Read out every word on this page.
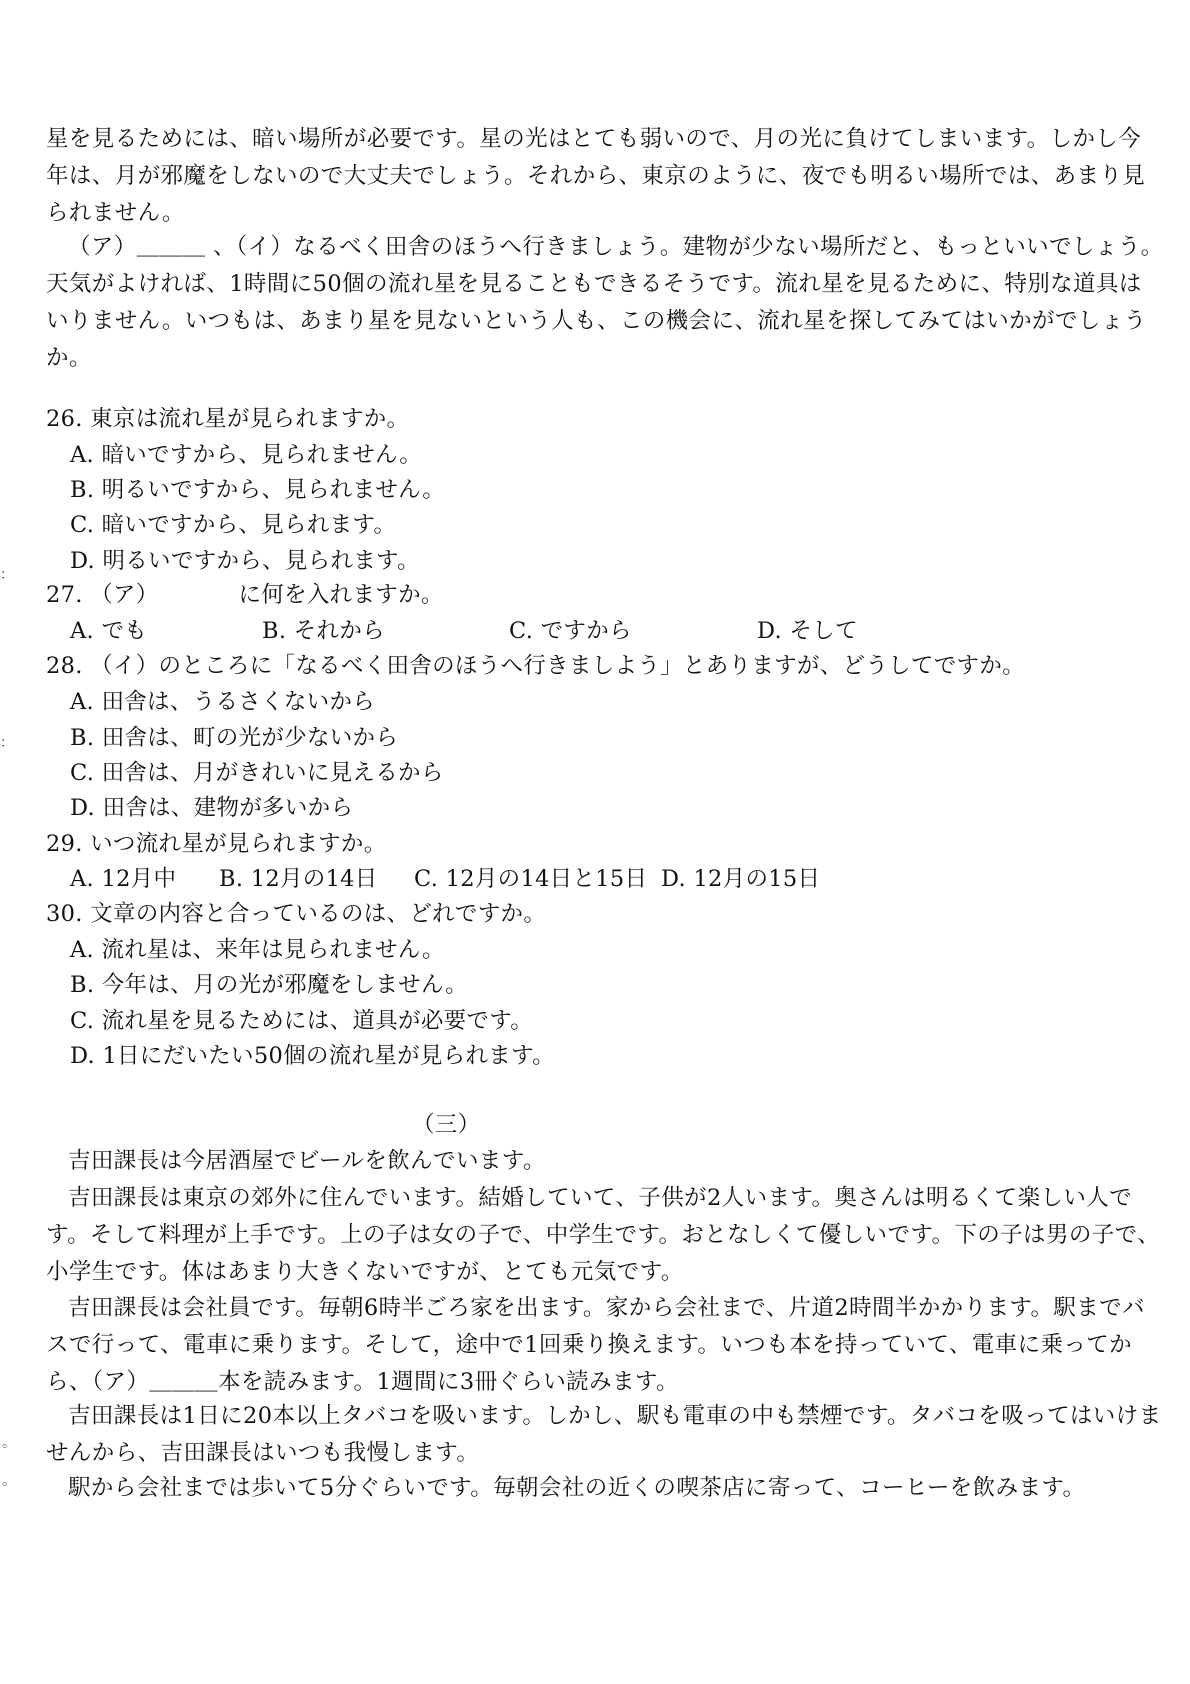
星を見るためには、暗い場所が必要です。星の光はとても弱いので、月の光に負けてしまいます。しかし今年は、月が邪魔をしないので大丈夫でしょう。それから、東京のように、夜でも明るい場所では、あまり見られません。

（ア）＿＿＿ 、（イ）なるべく田舎のほうへ行きましょう。建物が少ない場所だと、もっといいでしょう。天気がよければ、1時間に50個の流れ星を見ることもできるそうです。流れ星を見るために、特別な道具はいりません。いつもは、あまり星を見ないという人も、この機会に、流れ星を探してみてはいかがでしょうか。

26. 東京は流れ星が見られますか。
A. 暗いですから、見られません。
B. 明るいですから、見られません。
C. 暗いですから、見られます。
D. 明るいですから、見られます。
27. （ア）　　　　に何を入れますか。
A. でも	B. それから	C. ですから	D. そして
28. （イ）のところに「なるべく田舎のほうへ行きましよう」とありますが、どうしてですか。
A. 田舎は、うるさくないから
B. 田舎は、町の光が少ないから
C. 田舎は、月がきれいに見えるから
D. 田舎は、建物が多いから
29. いつ流れ星が見られますか。
A. 12月中 B. 12月の14日 C. 12月の14日と15日 D. 12月の15日
30. 文章の内容と合っているのは、どれですか。
A. 流れ星は、来年は見られません。
B. 今年は、月の光が邪魔をしません。
C. 流れ星を見るためには、道具が必要です。
D. 1日にだいたい50個の流れ星が見られます。
（三）

吉田課長は今居酒屋でビールを飲んでいます。

吉田課長は東京の郊外に住んでいます。結婚していて、子供が2人います。奥さんは明るくて楽しい人です。そして料理が上手です。上の子は女の子で、中学生です。おとなしくて優しいです。下の子は男の子で、小学生です。体はあまり大きくないですが、とても元気です。

吉田課長は会社員です。毎朝6時半ごろ家を出ます。家から会社まで、片道2時間半かかります。駅までバスで行って、電車に乗ります。そして，途中で1回乗り換えます。いつも本を持っていて、電車に乗ってから、（ア）＿＿＿本を読みます。1週間に3冊ぐらい読みます。

吉田課長は1日に20本以上タバコを吸います。しかし、駅も電車の中も禁煙です。タバコを吸ってはいけませんから、吉田課長はいつも我慢します。

駅から会社までは歩いて5分ぐらいです。毎朝会社の近くの喫茶店に寄って、コーヒーを飲みます。

：
：
。
。
